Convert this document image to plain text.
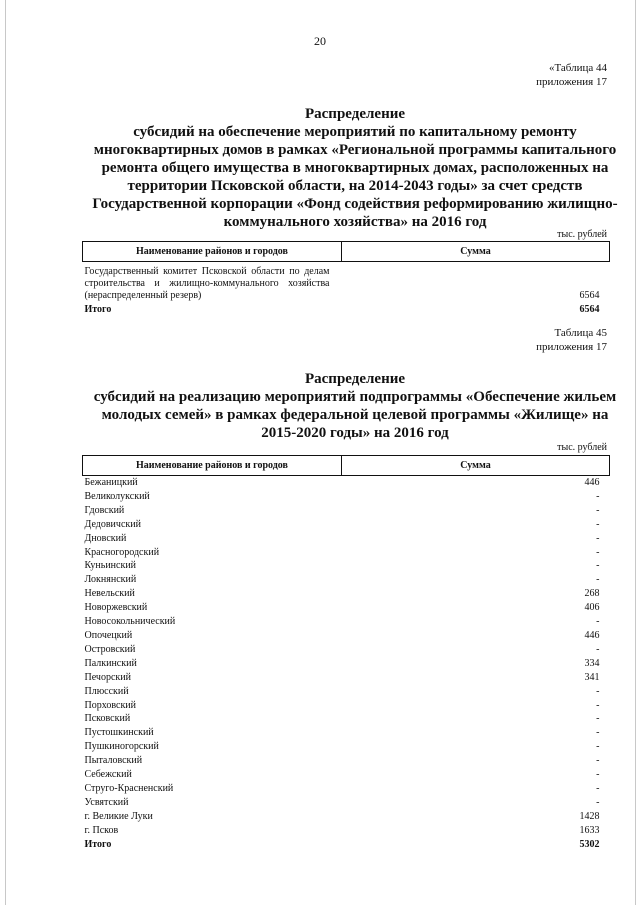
20
«Таблица 44
приложения 17
Распределение
субсидий на обеспечение мероприятий по капитальному ремонту
многоквартирных домов в рамках «Региональной программы капитального
ремонта общего имущества в многоквартирных домах, расположенных на
территории Псковской области, на 2014-2043 годы» за счет средств
Государственной корпорации «Фонд содействия реформированию жилищно-
коммунального хозяйства» на 2016 год
тыс. рублей
Наименование районов и городов	Сумма
Государственный комитет Псковской области по делам строительства и жилищно-коммунального хозяйства (нераспределенный резерв)	6564
Итого	6564
Таблица 45
приложения 17
Распределение
субсидий на реализацию мероприятий подпрограммы «Обеспечение жильем
молодых семей» в рамках федеральной целевой программы «Жилище» на
2015-2020 годы» на 2016 год
тыс. рублей
Наименование районов и городов	Сумма
Бежаницкий	446
Великолукский	-
Гдовский	-
Дедовичский	-
Дновский	-
Красногородский	-
Куньинский	-
Локнянский	-
Невельский	268
Новоржевский	406
Новосокольнический	-
Опочецкий	446
Островский	-
Палкинский	334
Печорский	341
Плюсский	-
Порховский	-
Псковский	-
Пустошкинский	-
Пушкиногорский	-
Пыталовский	-
Себежский	-
Струго-Красненский	-
Усвятский	-
г. Великие Луки	1428
г. Псков	1633
Итого	5302
